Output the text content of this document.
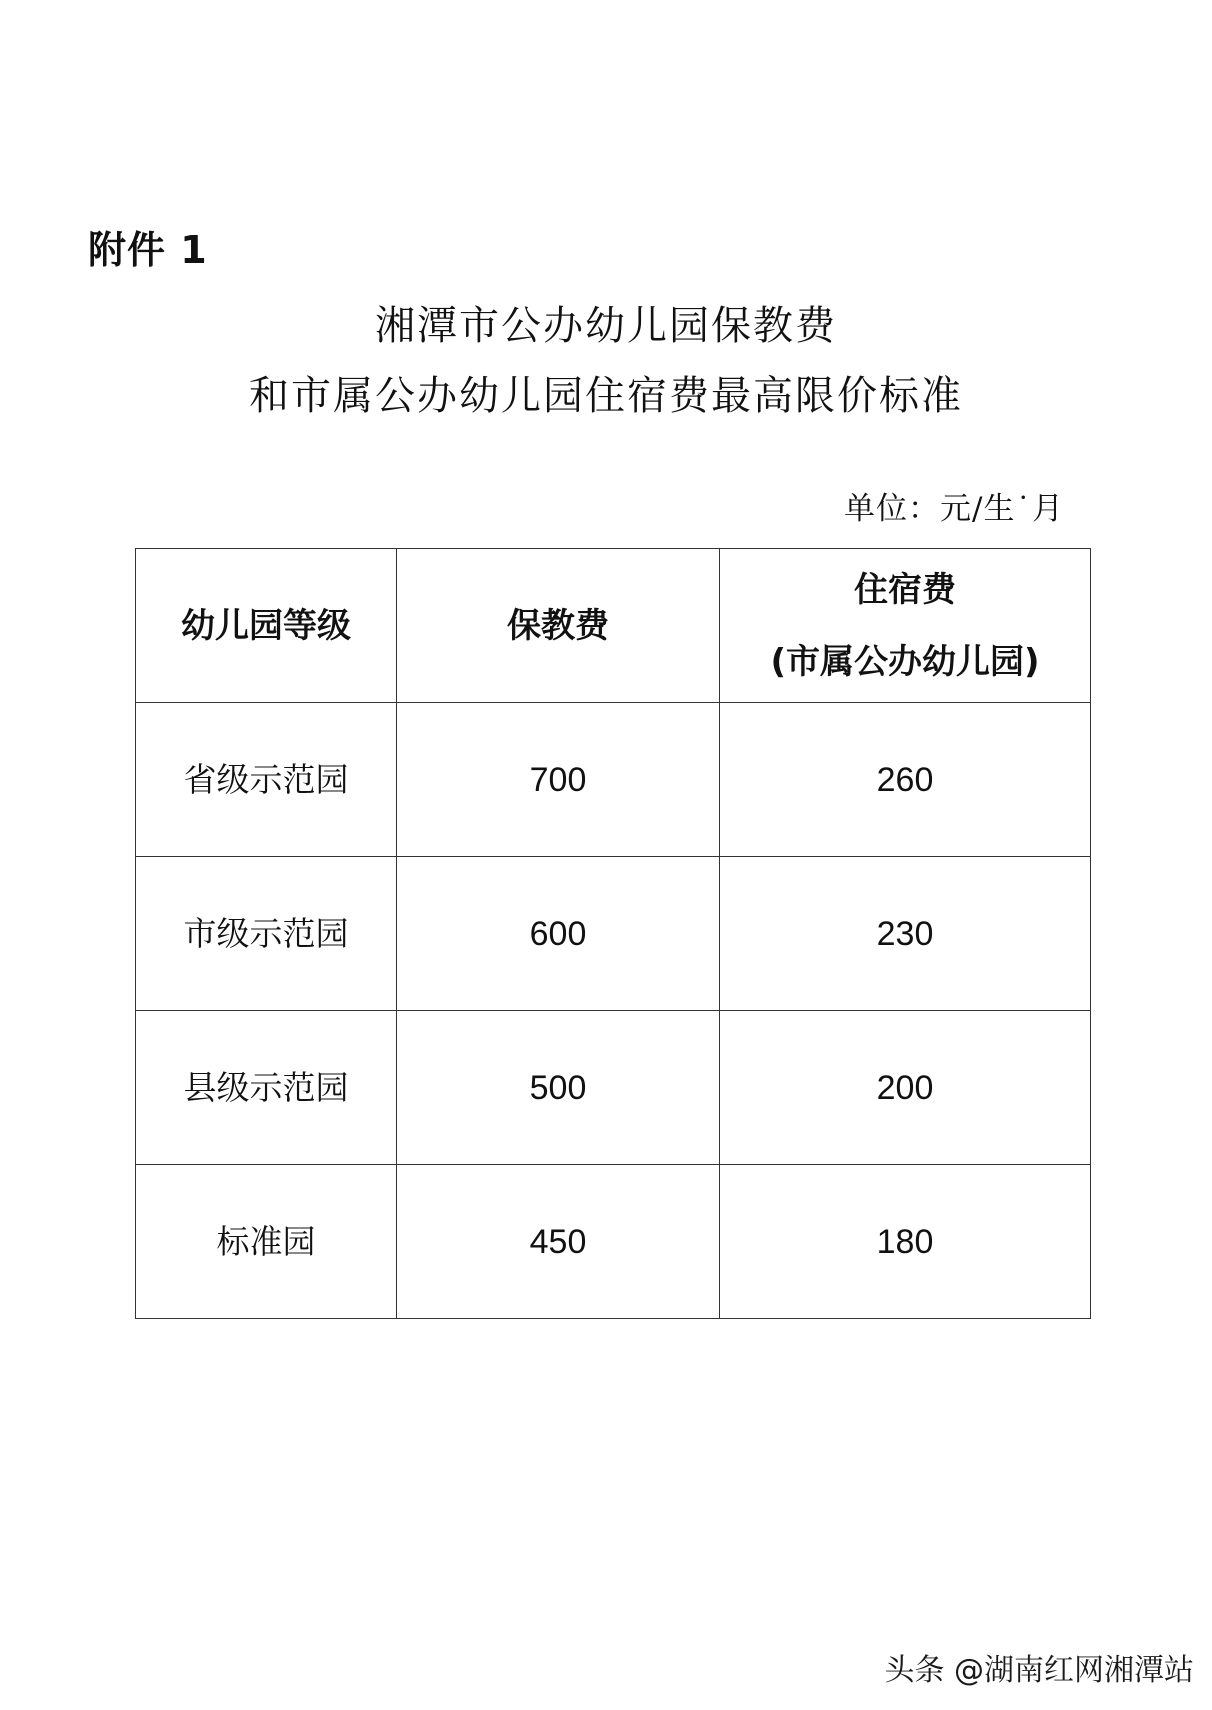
附件 1
湘潭市公办幼儿园保教费
和市属公办幼儿园住宿费最高限价标准
单位：元/生˙月
幼儿园等级	保教费	住宿费
(市属公办幼儿园)

省级示范园	700	260
市级示范园	600	230
县级示范园	500	200
标准园	450	180
头条 @湖南红网湘潭站
